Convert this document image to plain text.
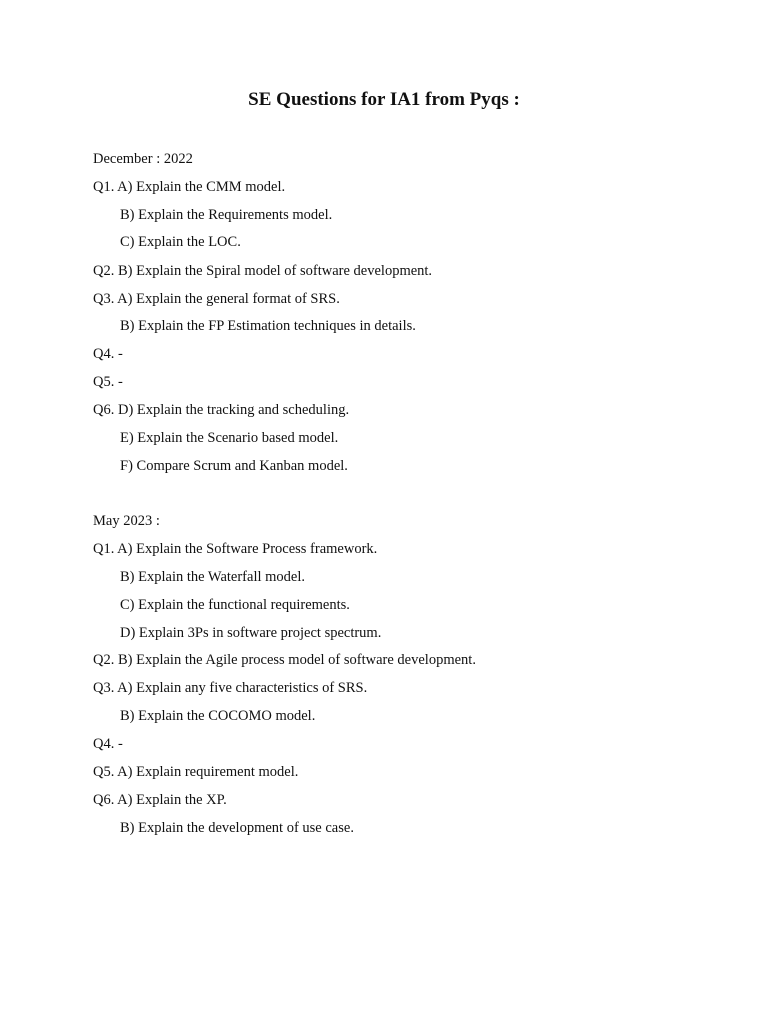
SE Questions for IA1 from Pyqs :
December : 2022
Q1. A) Explain the CMM model.
B) Explain the Requirements model.
C) Explain the LOC.
Q2. B) Explain the Spiral model of software development.
Q3. A) Explain the general format of SRS.
B) Explain the FP Estimation techniques in details.
Q4. -
Q5. -
Q6. D) Explain the tracking and scheduling.
E) Explain the Scenario based model.
F) Compare Scrum and Kanban model.
May 2023 :
Q1. A) Explain the Software Process framework.
B) Explain the Waterfall model.
C) Explain the functional requirements.
D) Explain 3Ps in software project spectrum.
Q2. B) Explain the Agile process model of software development.
Q3. A) Explain any five characteristics of SRS.
B) Explain the COCOMO model.
Q4. -
Q5. A) Explain requirement model.
Q6. A) Explain the XP.
B) Explain the development of use case.
